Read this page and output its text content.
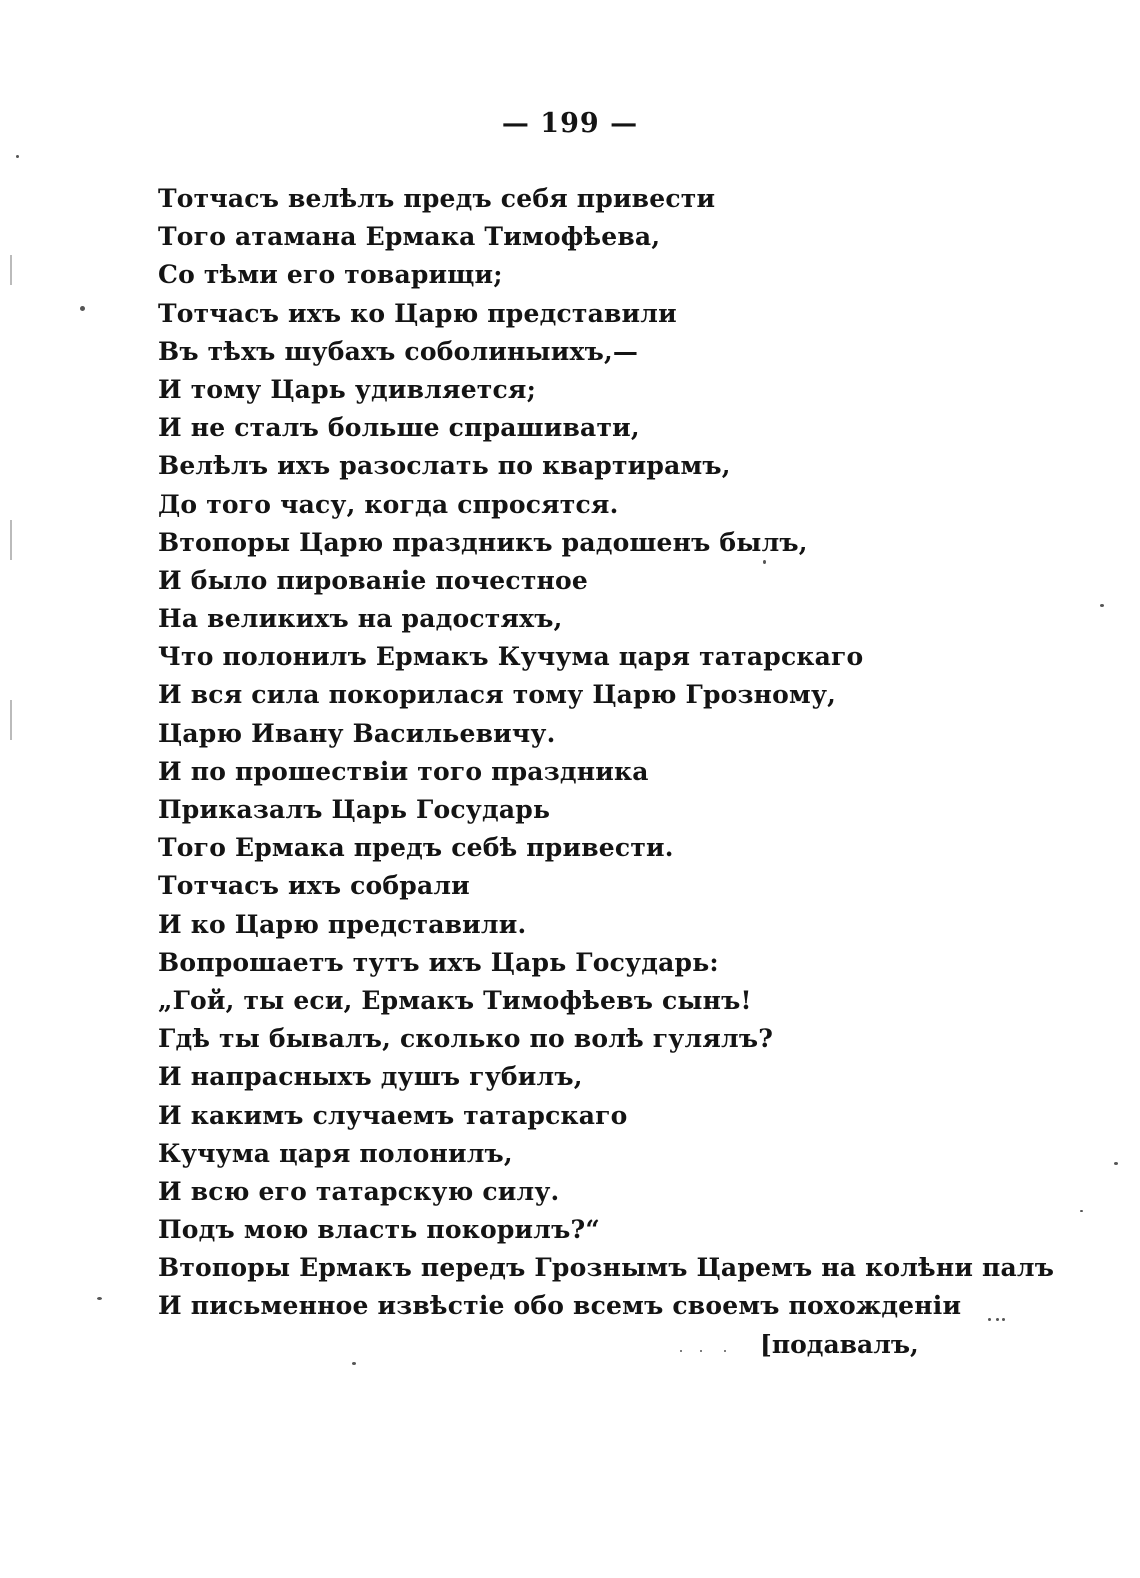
— 199 —
Тотчасъ велѣлъ предъ себя привести
Того атамана Ермака Тимофѣева,
Со тѣми его товарищи;
Тотчасъ ихъ ко Царю представили
Въ тѣхъ шубахъ соболиныихъ,—
И тому Царь удивляется;
И не сталъ больше спрашивати,
Велѣлъ ихъ разослать по квартирамъ,
До того часу, когда спросятся.
Втопоры Царю праздникъ радошенъ былъ,
И было пированіе почестное
На великихъ на радостяхъ,
Что полонилъ Ермакъ Кучума царя татарскаго
И вся сила покорилася тому Царю Грозному,
Царю Ивану Васильевичу.
И по прошествіи того праздника
Приказалъ Царь Государь
Того Ермака предъ себѣ привести.
Тотчасъ ихъ собрали
И ко Царю представили.
Вопрошаетъ тутъ ихъ Царь Государь:
„Гой, ты еси, Ермакъ Тимофѣевъ сынъ!
Гдѣ ты бывалъ, сколько по волѣ гулялъ?
И напрасныхъ душъ губилъ,
И какимъ случаемъ татарскаго
Кучума царя полонилъ,
И всю его татарскую силу.
Подъ мою власть покорилъ?“
Втопоры Ермакъ передъ Грознымъ Царемъ на колѣни палъ
И письменное извѣстіе обо всемъ своемъ похожденіи
[подавалъ,
